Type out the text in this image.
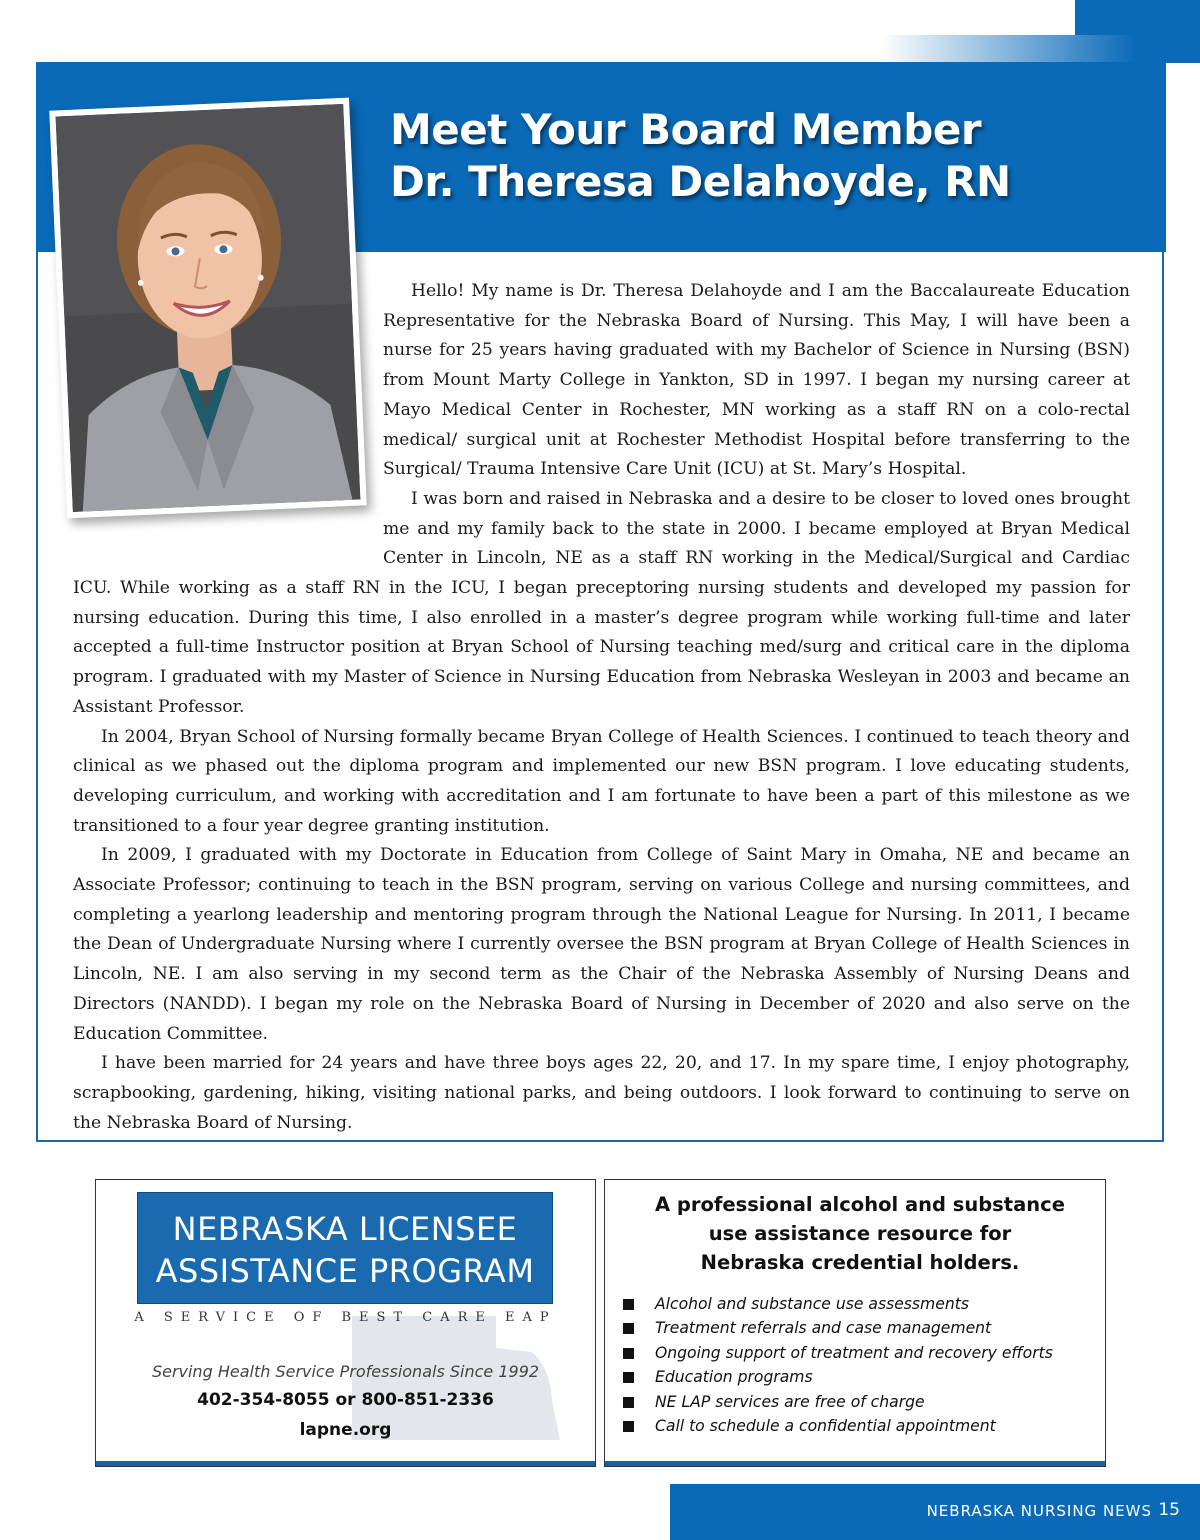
Meet Your Board Member
Dr. Theresa Delahoyde, RN

Hello! My name is Dr. Theresa Delahoyde and I am the Baccalaureate Education Representative for the Nebraska Board of Nursing. This May, I will have been a nurse for 25 years having graduated with my Bachelor of Science in Nursing (BSN) from Mount Marty College in Yankton, SD in 1997. I began my nursing career at Mayo Medical Center in Rochester, MN working as a staff RN on a colo-rectal medical/ surgical unit at Rochester Methodist Hospital before transferring to the Surgical/ Trauma Intensive Care Unit (ICU) at St. Mary’s Hospital.

I was born and raised in Nebraska and a desire to be closer to loved ones brought me and my family back to the state in 2000. I became employed at Bryan Medical Center in Lincoln, NE as a staff RN working in the Medical/Surgical and Cardiac ICU. While working as a staff RN in the ICU, I began preceptoring nursing students and developed my passion for nursing education. During this time, I also enrolled in a master’s degree program while working full-time and later accepted a full-time Instructor position at Bryan School of Nursing teaching med/surg and critical care in the diploma program. I graduated with my Master of Science in Nursing Education from Nebraska Wesleyan in 2003 and became an Assistant Professor.

In 2004, Bryan School of Nursing formally became Bryan College of Health Sciences. I continued to teach theory and clinical as we phased out the diploma program and implemented our new BSN program. I love educating students, developing curriculum, and working with accreditation and I am fortunate to have been a part of this milestone as we transitioned to a four year degree granting institution.

In 2009, I graduated with my Doctorate in Education from College of Saint Mary in Omaha, NE and became an Associate Professor; continuing to teach in the BSN program, serving on various College and nursing committees, and completing a yearlong leadership and mentoring program through the National League for Nursing. In 2011, I became the Dean of Undergraduate Nursing where I currently oversee the BSN program at Bryan College of Health Sciences in Lincoln, NE. I am also serving in my second term as the Chair of the Nebraska Assembly of Nursing Deans and Directors (NANDD). I began my role on the Nebraska Board of Nursing in December of 2020 and also serve on the Education Committee.

I have been married for 24 years and have three boys ages 22, 20, and 17. In my spare time, I enjoy photography, scrapbooking, gardening, hiking, visiting national parks, and being outdoors. I look forward to continuing to serve on the Nebraska Board of Nursing.

NEBRASKA LICENSEE
ASSISTANCE PROGRAM
A SERVICE OF BEST CARE EAP
Serving Health Service Professionals Since 1992
402-354-8055 or 800-851-2336
lapne.org
A professional alcohol and substance
use assistance resource for
Nebraska credential holders.
Alcohol and substance use assessments
Treatment referrals and case management
Ongoing support of treatment and recovery efforts
Education programs
NE LAP services are free of charge
Call to schedule a confidential appointment
NEBRASKA NURSING NEWS 15
